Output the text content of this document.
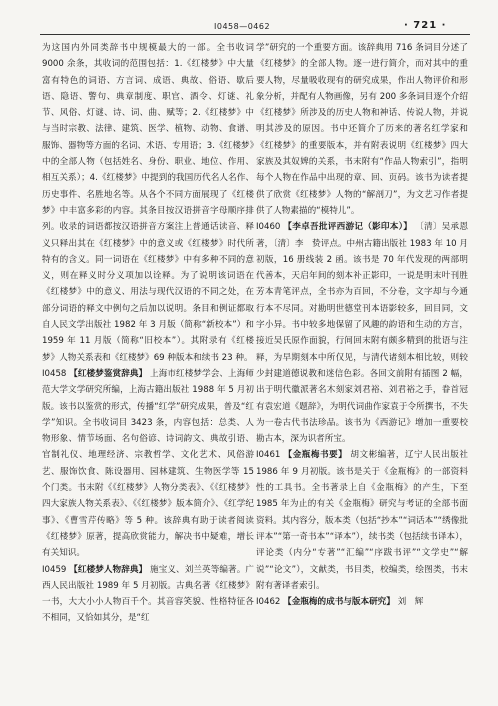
I0458—0462	· 721 ·

为这国内外同类辞书中规模最大的一部。全书收词 9000 余条，其收词的范围包括：1.《红楼梦》中大量富有特色的词语、方言词、成语、典故、俗语、歇后语、隐语、警句、典章制度、职官、酒令、灯谜、礼节、风俗、灯谜、诗、词、曲、赋等；2.《红楼梦》中与当时宗教、法律、建筑、医学、植物、动物、食谱、服饰、器物等方面的名词、术语、专用语；3.《红楼梦》中的全部人物（包括姓名、身份、职业、地位、作用、相互关系）；4.《红楼梦》中提到的我国历代名人名作、历史事件、名胜地名等。从各个不同方面展现了《红楼梦》中丰富多彩的内容。其条目按汉语拼音字母顺序排列。收录的词语都按汉语拼音方案注上普通话读音、释义只释出其在《红楼梦》中的意义或《红楼梦》时代所特有的含义。同一词语在《红楼梦》中有多种不同的意义，则在释义时分义项加以诠释。为了说明该词语在《红楼梦》中的意义、用法与现代汉语的不同之处，在部分词语的释文中例句之后加以说明。条目和例证都取自人民文学出版社 1982 年 3 月版（简称“新校本”）和 1959 年 11 月版（简称“旧校本”）。其附录有《红楼梦》人物关系表和《红楼梦》69 种版本和续书 23 种。

I0458 【红楼梦鉴赏辞典】 上海市红楼梦学会、上海师范大学文学研究所编，上海古籍出版社 1988 年 5 月初版。该书以鉴赏的形式，传播“红学”研究成果，普及“红学”知识。全书收词目 3423 条，内容包括：总类、人物形象、情节场面、名句俗谚、诗词韵文、典故引语、官制礼仪、地理经济、宗教哲学、文化艺术、风俗游艺、服饰饮食、陈设器用、园林建筑、生物医学等 15 个门类。书末附《《红楼梦》人物分类表》、《《红楼梦》四大家族人物关系表》、《《红楼梦》版本简介》、《红学纪事》、《曹雪芹传略》等 5 种。该辞典有助于读者阅读《红楼梦》原著，提高欣赏能力，解决书中疑难，增长有关知识。

I0459 【红楼梦人物辞典】 施宝义、刘兰英等编著。广西人民出版社 1989 年 5 月初版。古典名著《红楼梦》一书，大大小小人物百千个。其音容笑貌、性格特征各不相同，又恰如其分，是“红

学”研究的一个重要方面。该辞典用 716 条词目分述了《红楼梦》的全部人物。逐一进行简介，而对其中的重要人物，尽量吸收现有的研究成果，作出人物评价和形象分析，并配有人物画像，另有 200 多条词目逐个介绍《红楼梦》所涉及的历史人物和神话、传说人物，并说明其涉及的原因。书中还简介了历来的著名红学家和《红楼梦》的重要版本，并有附表说明《红楼梦》四大家族及其奴婢的关系，书末附有“作品人物索引”，指明每个人物在作品中出现的章、回、页码。该书为读者提供了欣赏《红楼梦》人物的“解剖刀”，为文艺习作者提供了人物素描的“模特儿”。

I0460 【李卓吾批评西游记（影印本）】 〔清〕吴承恩著，〔清〕李　贽评点。中州古籍出版社 1983 年 10 月初版，16 册线装 2 函。该书是 70 年代发现的两部明代善本，天启年间的刻本补正影印，一说是明末叶刊胜芳本青笔评点，全书亦为百回，不分卷，文字却与今通行本不尽同。对勘明世德堂刊本语影较多，回目同，文字小异。书中较多地保留了风趣的韵语和生动的方言，接近吴氏原作面貌，行间回末附有颇多精到的批语与注释，为早期刻本中所仅见，与清代诸刻本相比较，则较少封建道德说教和迷信色彩。各回文前附有插图 2 幅，出于明代徽派著名木刻家刘君裕、刘君裕之手，眷首冠有袁宏道《题辞》，为明代词曲作家袁于令所撰书，不失为一卷古代书法珍品。该书为《西游记》增加一重要校勘古本，深为识者所宝。

I0461 【金瓶梅书要】 胡文彬编著，辽宁人民出版社 1986 年 9 月初版。该书是关于《金瓶梅》的一部资料性的工具书。全书著录上自《金瓶梅》的产生，下至 1985 年为止的有关《金瓶梅》研究与考证的全部书面资料。其内容分，版本类（包括“抄本”“词话本”“绣像批评本”“第一奇书本”“译本”），续书类（包括续书译本），评论类（内分“专著”“汇编”“序跋书评”“文学史”“解说”“论文”），文献类，书目类，校编类，绘图类，书末附有著译者索引。

I0462 【金瓶梅的成书与版本研究】 刘　辉
